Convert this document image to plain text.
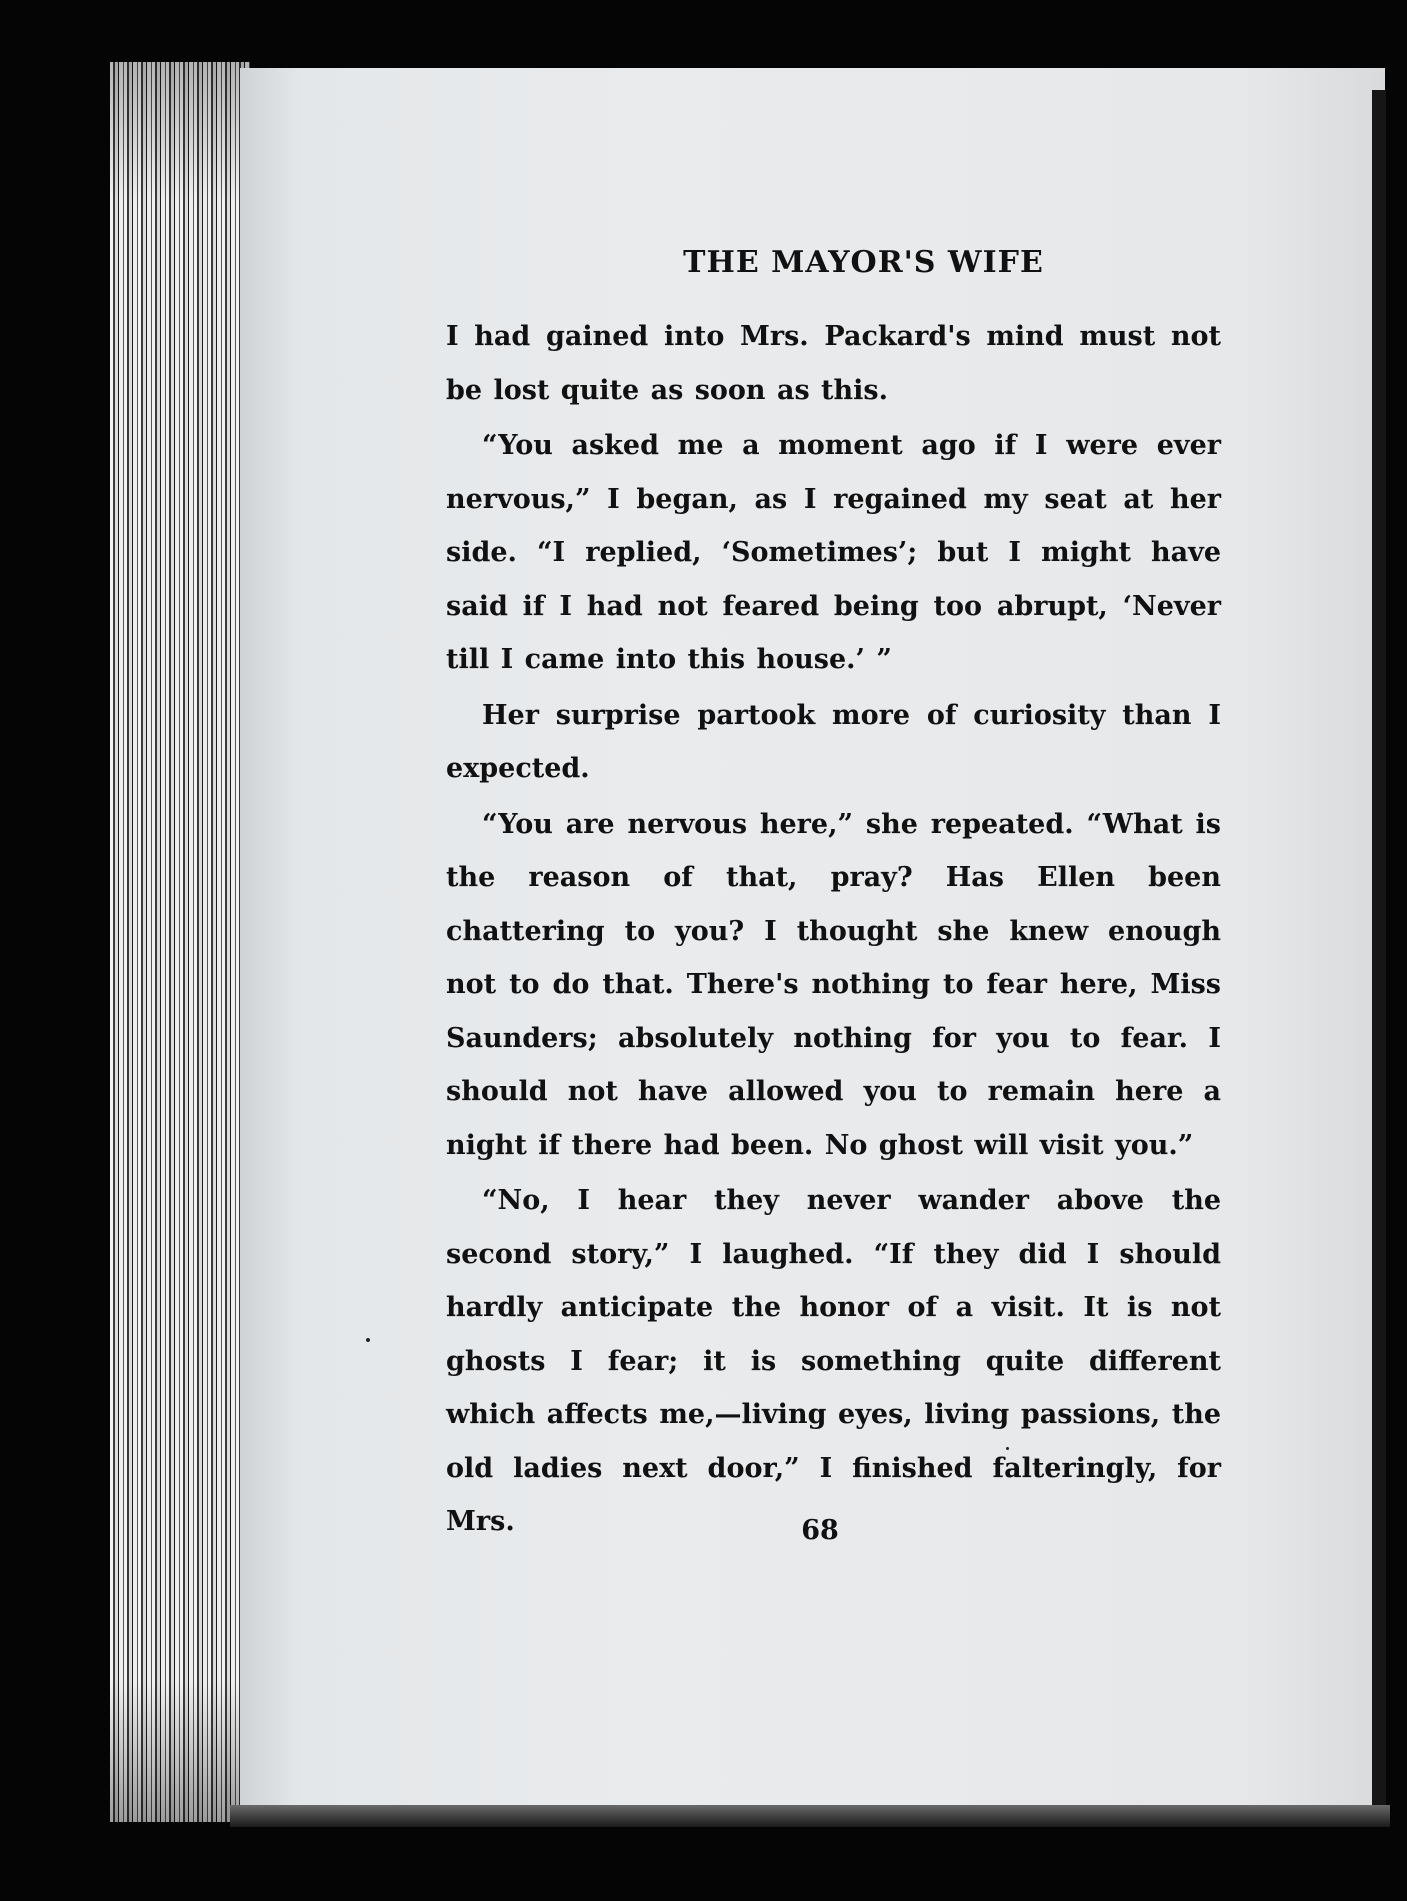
THE MAYOR'S WIFE

I had gained into Mrs. Packard's mind must not be lost quite as soon as this.

“You asked me a moment ago if I were ever nervous,” I began, as I regained my seat at her side. “I replied, ‘Sometimes’; but I might have said if I had not feared being too abrupt, ‘Never till I came into this house.’ ”

Her surprise partook more of curiosity than I expected.

“You are nervous here,” she repeated. “What is the reason of that, pray? Has Ellen been chattering to you? I thought she knew enough not to do that. There's nothing to fear here, Miss Saunders; absolutely nothing for you to fear. I should not have allowed you to remain here a night if there had been. No ghost will visit you.”

“No, I hear they never wander above the second story,” I laughed. “If they did I should hardly anticipate the honor of a visit. It is not ghosts I fear; it is something quite different which affects me,—living eyes, living passions, the old ladies next door,” I finished falteringly, for Mrs.	68
